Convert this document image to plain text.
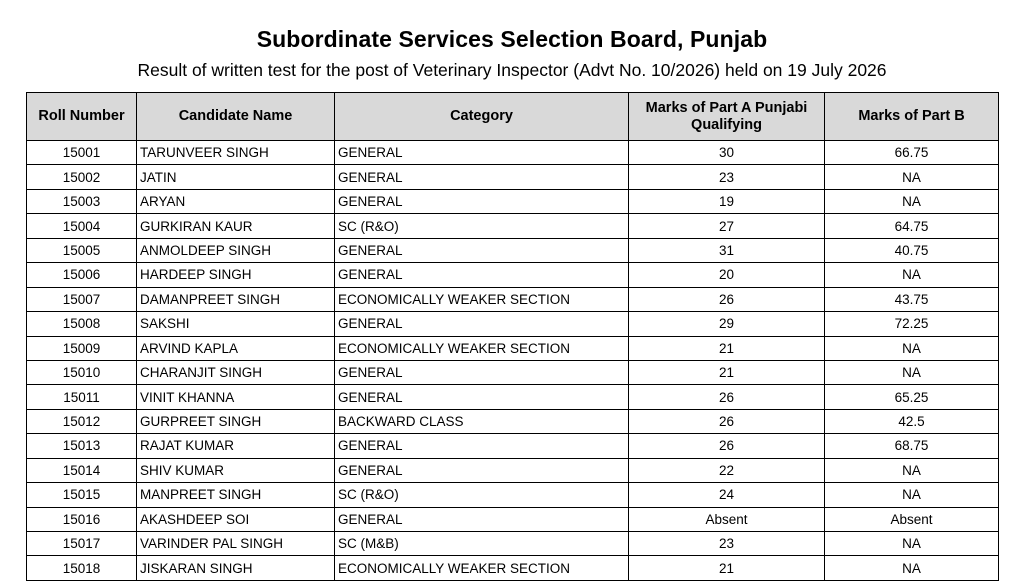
Subordinate Services Selection Board, Punjab
Result of written test for the post of Veterinary Inspector (Advt No. 10/2026) held on 19 July 2026
Roll Number	Candidate Name	Category	Marks of Part A Punjabi Qualifying	Marks of Part B
15001	TARUNVEER SINGH	GENERAL	30	66.75
15002	JATIN	GENERAL	23	NA
15003	ARYAN	GENERAL	19	NA
15004	GURKIRAN KAUR	SC (R&O)	27	64.75
15005	ANMOLDEEP SINGH	GENERAL	31	40.75
15006	HARDEEP SINGH	GENERAL	20	NA
15007	DAMANPREET SINGH	ECONOMICALLY WEAKER SECTION	26	43.75
15008	SAKSHI	GENERAL	29	72.25
15009	ARVIND KAPLA	ECONOMICALLY WEAKER SECTION	21	NA
15010	CHARANJIT SINGH	GENERAL	21	NA
15011	VINIT KHANNA	GENERAL	26	65.25
15012	GURPREET SINGH	BACKWARD CLASS	26	42.5
15013	RAJAT KUMAR	GENERAL	26	68.75
15014	SHIV KUMAR	GENERAL	22	NA
15015	MANPREET SINGH	SC (R&O)	24	NA
15016	AKASHDEEP SOI	GENERAL	Absent	Absent
15017	VARINDER PAL SINGH	SC (M&B)	23	NA
15018	JISKARAN SINGH	ECONOMICALLY WEAKER SECTION	21	NA
